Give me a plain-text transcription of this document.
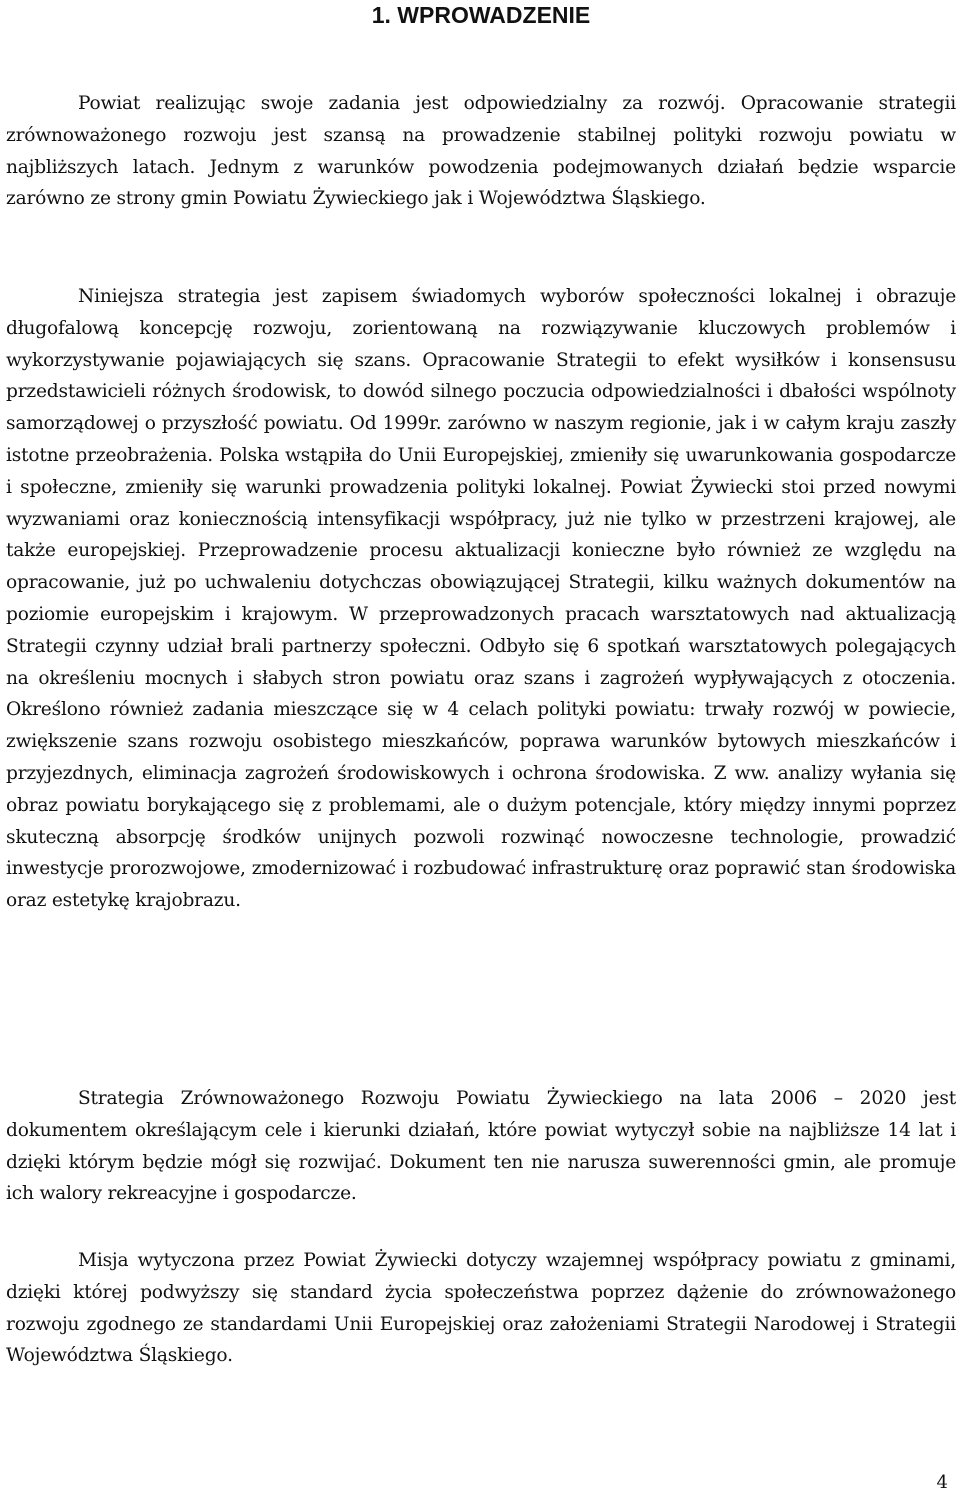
1. WPROWADZENIE

Powiat realizując swoje zadania jest odpowiedzialny za rozwój. Opracowanie strategii zrównoważonego rozwoju jest szansą na prowadzenie stabilnej polityki rozwoju powiatu w najbliższych latach. Jednym z warunków powodzenia podejmowanych działań będzie wsparcie zarówno ze strony gmin Powiatu Żywieckiego jak i Województwa Śląskiego.

Niniejsza strategia jest zapisem świadomych wyborów społeczności lokalnej i obrazuje długofalową koncepcję rozwoju, zorientowaną na rozwiązywanie kluczowych problemów i wykorzystywanie pojawiających się szans. Opracowanie Strategii to efekt wysiłków i konsensusu przedstawicieli różnych środowisk, to dowód silnego poczucia odpowiedzialności i dbałości wspólnoty samorządowej o przyszłość powiatu. Od 1999r. zarówno w naszym regionie, jak i w całym kraju zaszły istotne przeobrażenia. Polska wstąpiła do Unii Europejskiej, zmieniły się uwarunkowania gospodarcze i społeczne, zmieniły się warunki prowadzenia polityki lokalnej. Powiat Żywiecki stoi przed nowymi wyzwaniami oraz koniecznością intensyfikacji współpracy, już nie tylko w przestrzeni krajowej, ale także europejskiej. Przeprowadzenie procesu aktualizacji konieczne było również ze względu na opracowanie, już po uchwaleniu dotychczas obowiązującej Strategii, kilku ważnych dokumentów na poziomie europejskim i krajowym. W przeprowadzonych pracach warsztatowych nad aktualizacją Strategii czynny udział brali partnerzy społeczni. Odbyło się 6 spotkań warsztatowych polegających na określeniu mocnych i słabych stron powiatu oraz szans i zagrożeń wypływających z otoczenia. Określono również zadania mieszczące się w 4 celach polityki powiatu: trwały rozwój w powiecie, zwiększenie szans rozwoju osobistego mieszkańców, poprawa warunków bytowych mieszkańców i przyjezdnych, eliminacja zagrożeń środowiskowych i ochrona środowiska. Z ww. analizy wyłania się obraz powiatu borykającego się z problemami, ale o dużym potencjale, który między innymi poprzez skuteczną absorpcję środków unijnych pozwoli rozwinąć nowoczesne technologie, prowadzić inwestycje prorozwojowe, zmodernizować i rozbudować infrastrukturę oraz poprawić stan środowiska oraz estetykę krajobrazu.

Strategia Zrównoważonego Rozwoju Powiatu Żywieckiego na lata 2006 – 2020 jest dokumentem określającym cele i kierunki działań, które powiat wytyczył sobie na najbliższe 14 lat i dzięki którym będzie mógł się rozwijać. Dokument ten nie narusza suwerenności gmin, ale promuje ich walory rekreacyjne i gospodarcze.

Misja wytyczona przez Powiat Żywiecki dotyczy wzajemnej współpracy powiatu z gminami, dzięki której podwyższy się standard życia społeczeństwa poprzez dążenie do zrównoważonego rozwoju zgodnego ze standardami Unii Europejskiej oraz założeniami Strategii Narodowej i Strategii Województwa Śląskiego.

4
